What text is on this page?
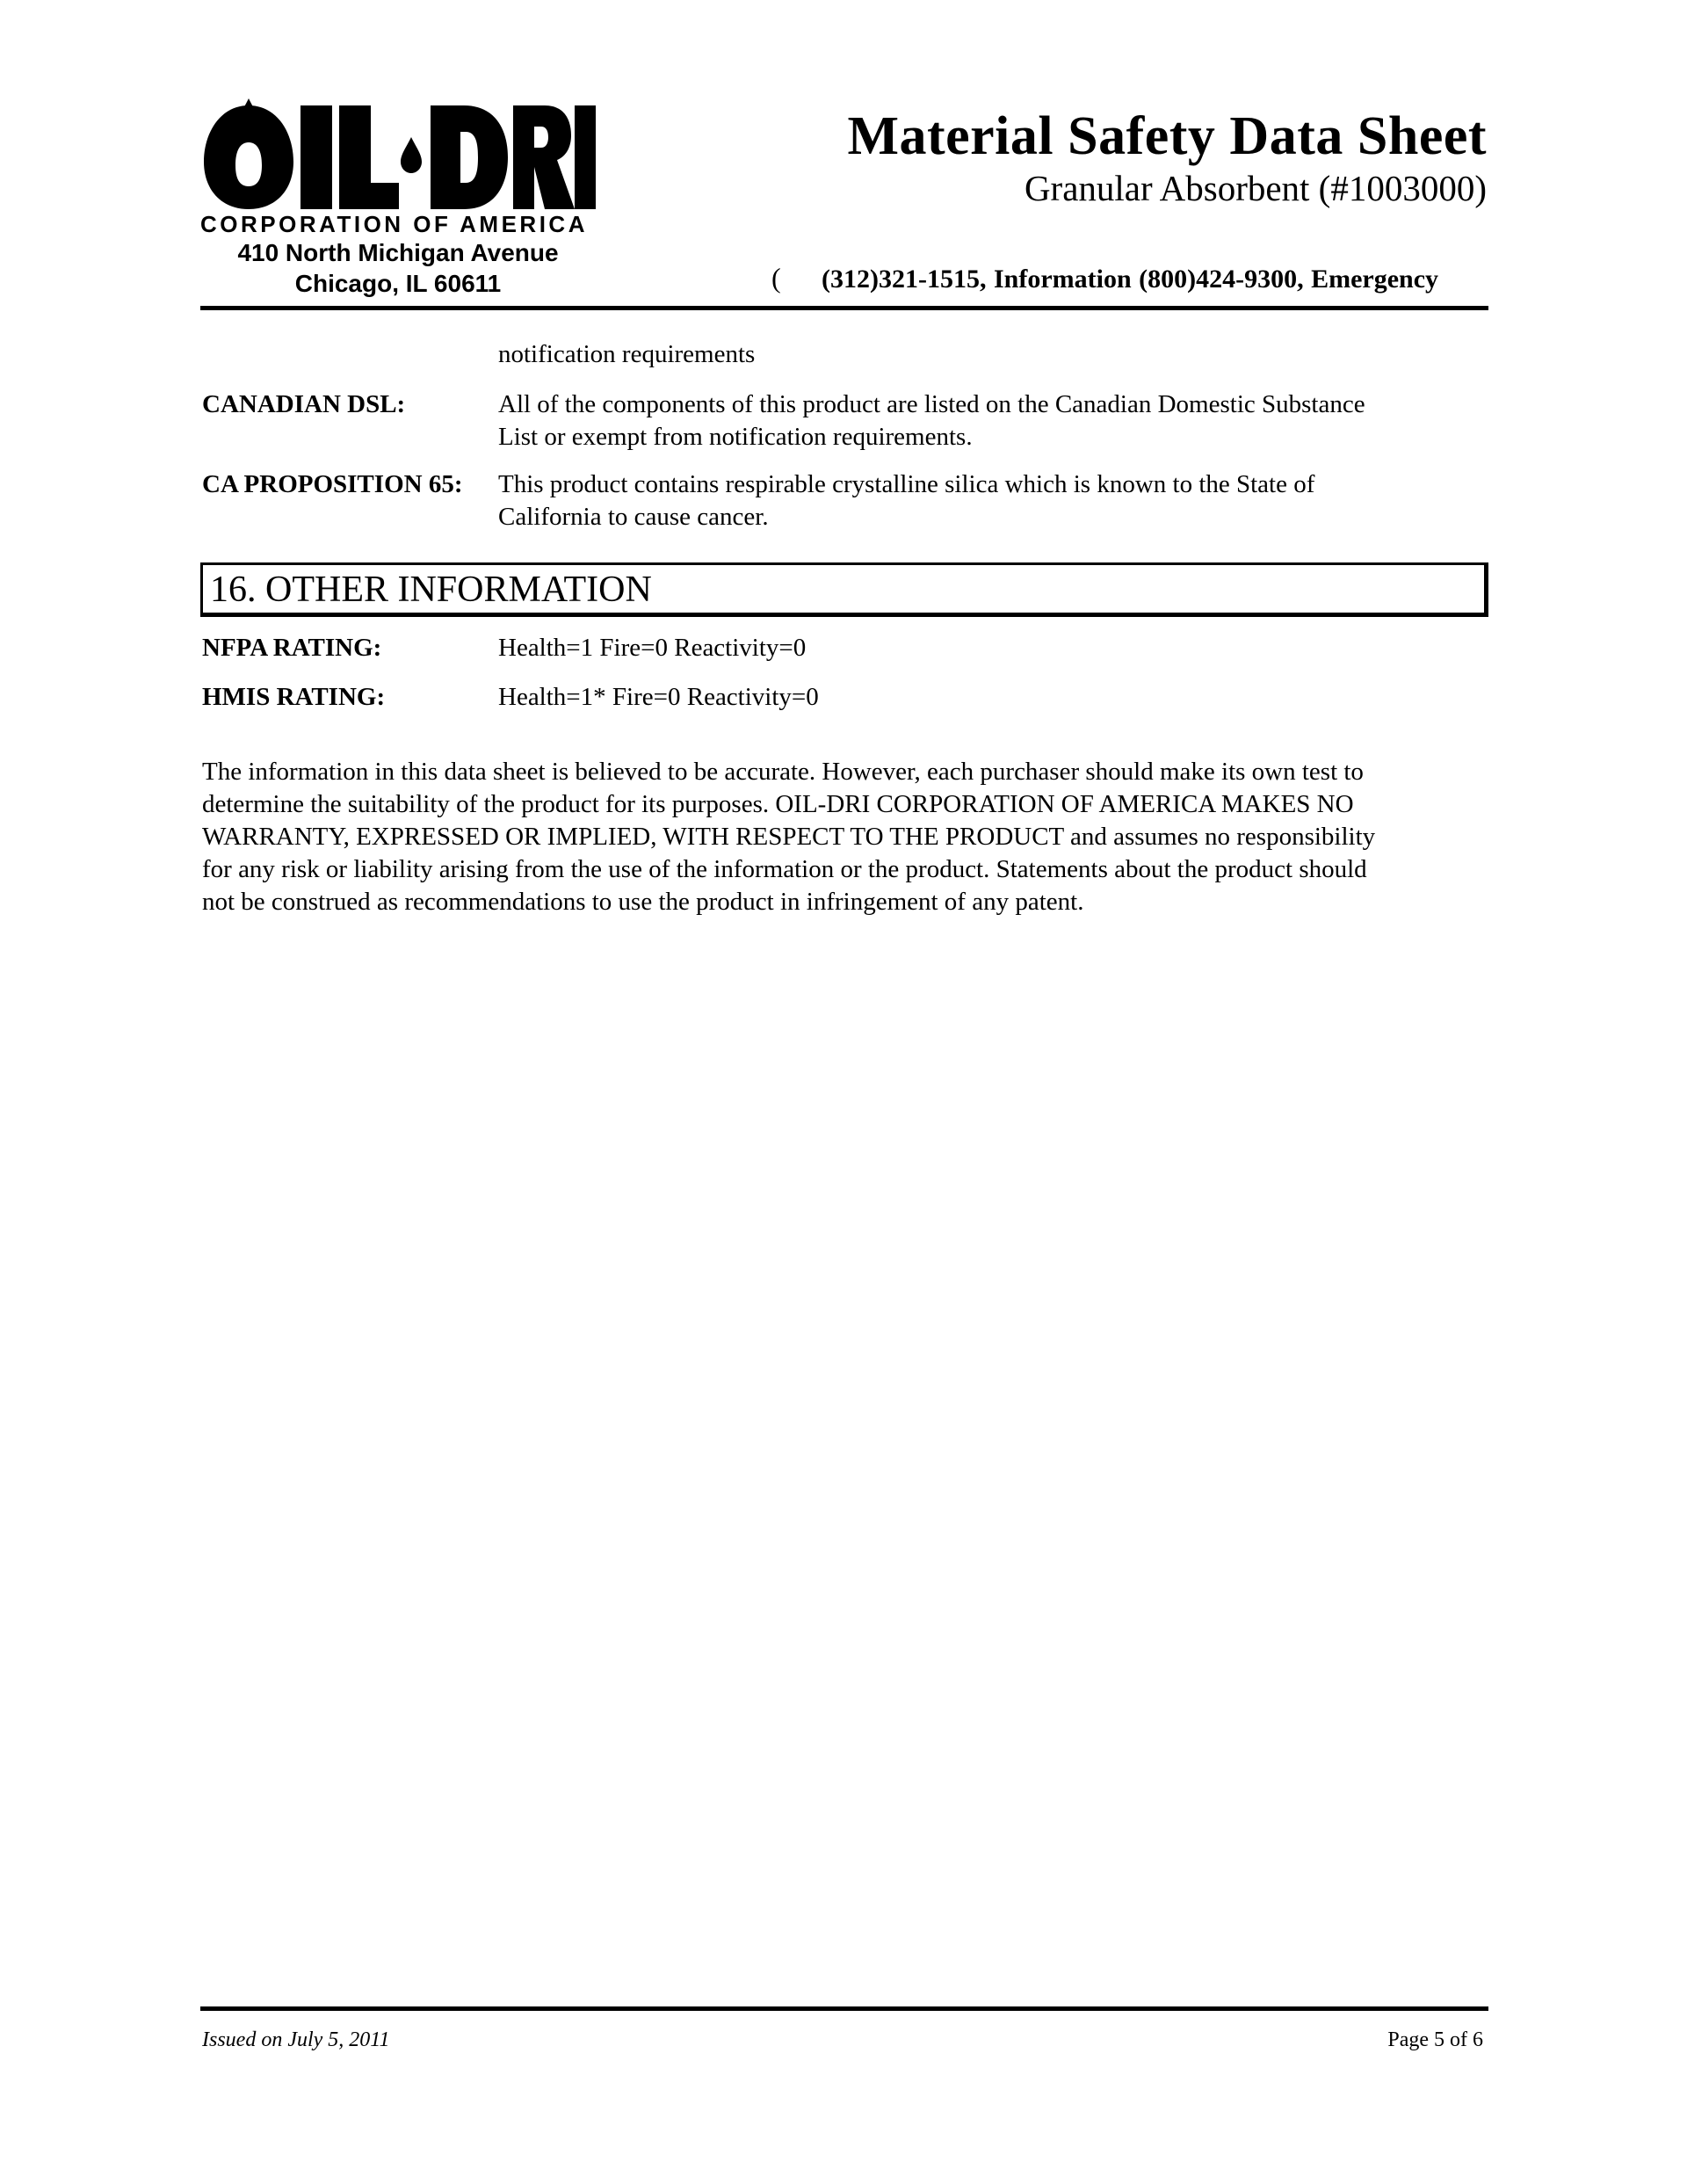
CORPORATION OF AMERICA
410 North Michigan Avenue
Chicago, IL 60611
Material Safety Data Sheet
Granular Absorbent (#1003000)
( (312)321-1515, Information (800)424-9300, Emergency
notification requirements
CANADIAN DSL:	All of the components of this product are listed on the Canadian Domestic Substance
List or exempt from notification requirements.
CA PROPOSITION 65: This product contains respirable crystalline silica which is known to the State of
California to cause cancer.
16. OTHER INFORMATION
NFPA RATING:	Health=1 Fire=0 Reactivity=0
HMIS RATING:	Health=1* Fire=0 Reactivity=0
The information in this data sheet is believed to be accurate. However, each purchaser should make its own test to
determine the suitability of the product for its purposes. OIL-DRI CORPORATION OF AMERICA MAKES NO
WARRANTY, EXPRESSED OR IMPLIED, WITH RESPECT TO THE PRODUCT and assumes no responsibility
for any risk or liability arising from the use of the information or the product. Statements about the product should
not be construed as recommendations to use the product in infringement of any patent.
Issued on July 5, 2011	Page 5 of 6
